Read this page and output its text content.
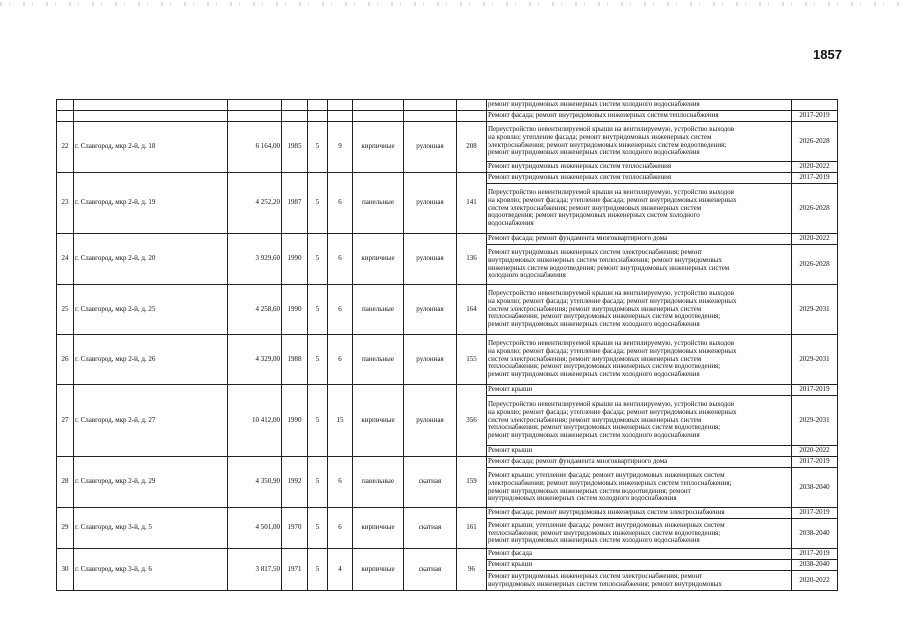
1857
									ремонт внутридомовых инженерных систем холодного водоснабжения	
									Ремонт фасада; ремонт внутридомовых инженерных систем теплоснабжения	2017-2019
22	г. Славгород, мкр 2-й, д. 18	6 164,00	1985	5	9	кирпичные	рулонная	208	Переустройство невентилируемой крыши на вентилируемую, устройство выходов
на кровлю; утепление фасада; ремонт внутридомовых инженерных систем
электроснабжения; ремонт внутридомовых инженерных систем водоотведения;
ремонт внутридомовых инженерных систем холодного водоснабжения	2026-2028
									Ремонт внутридомовых инженерных систем теплоснабжения	2020-2022
23	г. Славгород, мкр 2-й, д. 19	4 252,20	1987	5	6	панельные	рулонная	141	Ремонт внутридомовых инженерных систем теплоснабжения	2017-2019
									Переустройство невентилируемой крыши на вентилируемую, устройство выходов
на кровлю; ремонт фасада; утепление фасада; ремонт внутридомовых инженерных
систем электроснабжения; ремонт внутридомовых инженерных систем
водоотведения; ремонт внутридомовых инженерных систем холодного
водоснабжения	2026-2028
24	г. Славгород, мкр 2-й, д. 20	3 929,60	1990	5	6	кирпичные	рулонная	136	Ремонт фасада; ремонт фундамента многоквартирного дома	2020-2022
									Ремонт внутридомовых инженерных систем электроснабжения; ремонт
внутридомовых инженерных систем теплоснабжения; ремонт внутридомовых
инженерных систем водоотведения; ремонт внутридомовых инженерных систем
холодного водоснабжения	2026-2028
25	г. Славгород, мкр 2-й, д. 25	4 258,60	1990	5	6	панельные	рулонная	164	Переустройство невентилируемой крыши на вентилируемую, устройство выходов
на кровлю; ремонт фасада; утепление фасада; ремонт внутридомовых инженерных
систем электроснабжения; ремонт внутридомовых инженерных систем
теплоснабжения; ремонт внутридомовых инженерных систем водоотведения;
ремонт внутридомовых инженерных систем холодного водоснабжения	2029-2031
26	г. Славгород, мкр 2-й, д. 26	4 329,00	1988	5	6	панельные	рулонная	155	Переустройство невентилируемой крыши на вентилируемую, устройство выходов
на кровлю; ремонт фасада; утепление фасада; ремонт внутридомовых инженерных
систем электроснабжения; ремонт внутридомовых инженерных систем
теплоснабжения; ремонт внутридомовых инженерных систем водоотведения;
ремонт внутридомовых инженерных систем холодного водоснабжения	2029-2031
27	г. Славгород, мкр 2-й, д. 27	10 412,00	1990	5	15	кирпичные	рулонная	356	Ремонт крыши	2017-2019
									Переустройство невентилируемой крыши на вентилируемую, устройство выходов
на кровлю; ремонт фасада; утепление фасада; ремонт внутридомовых инженерных
систем электроснабжения; ремонт внутридомовых инженерных систем
теплоснабжения; ремонт внутридомовых инженерных систем водоотведения;
ремонт внутридомовых инженерных систем холодного водоснабжения	2029-2031
									Ремонт крыши	2020-2022
28	г. Славгород, мкр 2-й, д. 29	4 350,90	1992	5	6	панельные	скатная	159	Ремонт фасада; ремонт фундамента многоквартирного дома	2017-2019
									Ремонт крыши; утепление фасада; ремонт внутридомовых инженерных систем
электроснабжения; ремонт внутридомовых инженерных систем теплоснабжения;
ремонт внутридомовых инженерных систем водоотведения; ремонт
внутридомовых инженерных систем холодного водоснабжения	2038-2040
29	г. Славгород, мкр 3-й, д. 5	4 501,00	1970	5	6	кирпичные	скатная	161	Ремонт фасада; ремонт внутридомовых инженерных систем электроснабжения	2017-2019
									Ремонт крыши; утепление фасада; ремонт внутридомовых инженерных систем
теплоснабжения; ремонт внутридомовых инженерных систем водоотведения;
ремонт внутридомовых инженерных систем холодного водоснабжения	2038-2040
30	г. Славгород, мкр 3-й, д. 6	3 817,50	1971	5	4	кирпичные	скатная	96	Ремонт фасада	2017-2019
									Ремонт крыши	2038-2040
									Ремонт внутридомовых инженерных систем электроснабжения; ремонт
внутридомовых инженерных систем теплоснабжения; ремонт внутридомовых	2020-2022
